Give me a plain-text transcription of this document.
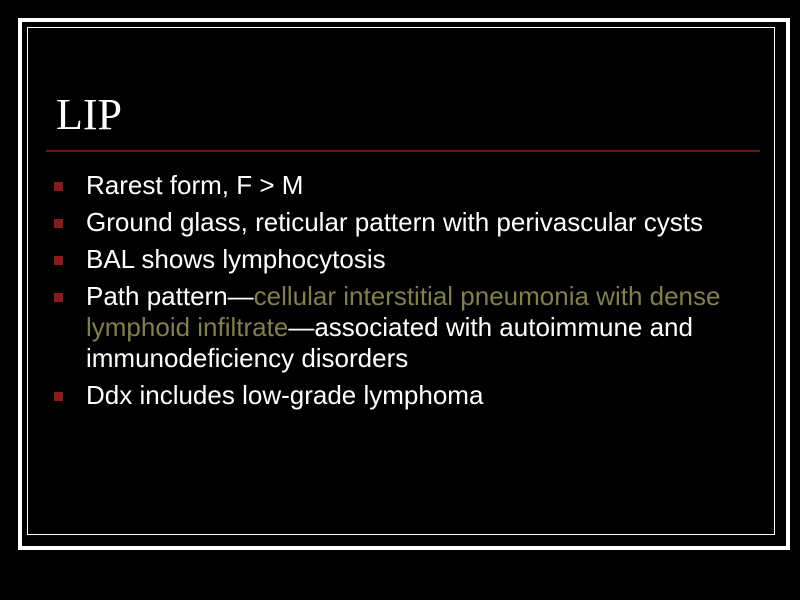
LIP
Rarest form, F > M
Ground glass, reticular pattern with perivascular cysts
BAL shows lymphocytosis
Path pattern—cellular interstitial pneumonia with dense lymphoid infiltrate—associated with autoimmune and immunodeficiency disorders
Ddx includes low-grade lymphoma
